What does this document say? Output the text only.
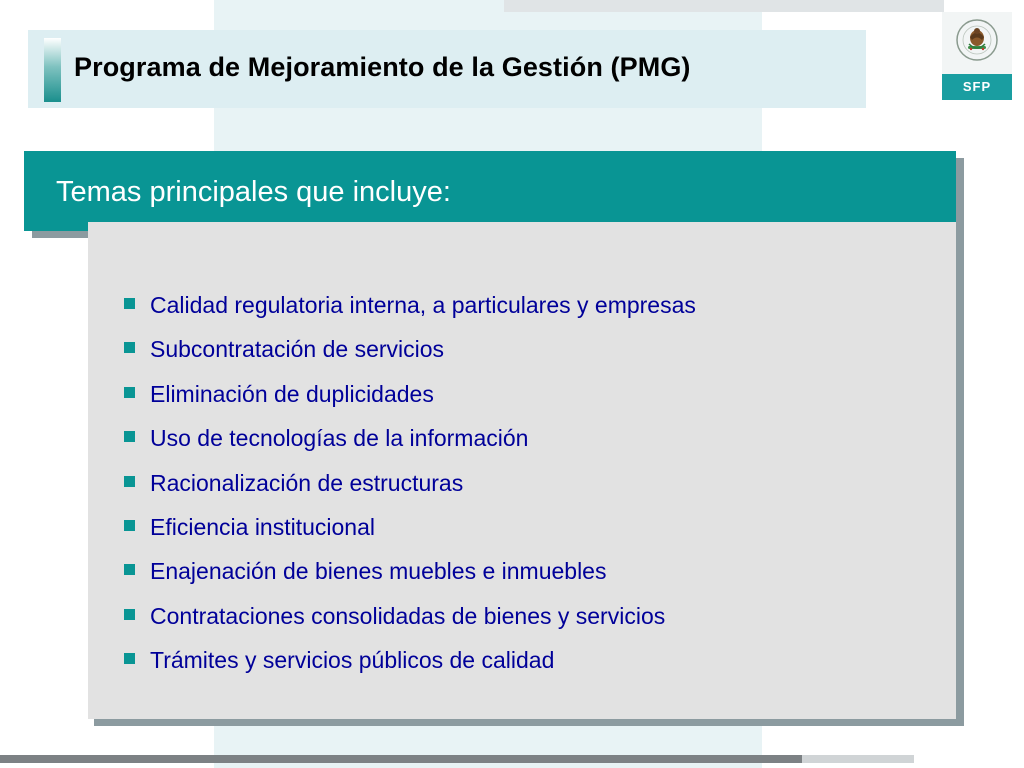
Programa de Mejoramiento de la Gestión (PMG)
SFP
Temas principales que incluye:
Calidad regulatoria interna, a particulares y empresas
Subcontratación de servicios
Eliminación de duplicidades
Uso de tecnologías de la información
Racionalización de estructuras
Eficiencia institucional
Enajenación de bienes muebles e inmuebles
Contrataciones consolidadas de bienes y servicios
Trámites y servicios públicos de calidad
